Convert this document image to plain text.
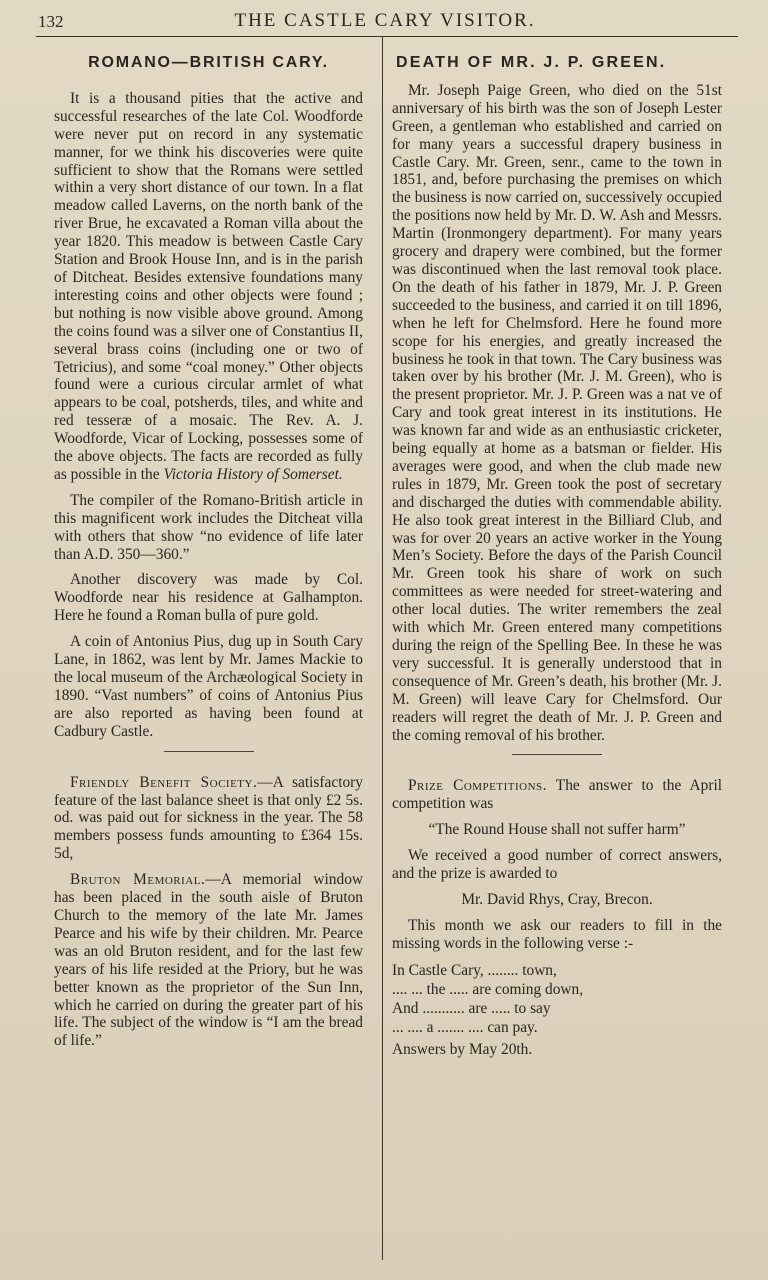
132	THE CASTLE CARY VISITOR.
ROMANO—BRITISH CARY.

It is a thousand pities that the active and successful researches of the late Col. Woodforde were never put on record in any systematic manner, for we think his discoveries were quite sufficient to show that the Romans were settled within a very short distance of our town. In a flat meadow called Laverns, on the north bank of the river Brue, he excavated a Roman villa about the year 1820. This meadow is between Castle Cary Station and Brook House Inn, and is in the parish of Ditcheat. Besides extensive foundations many interesting coins and other objects were found ; but nothing is now visible above ground. Among the coins found was a silver one of Constantius II, several brass coins (including one or two of Tetricius), and some “coal money.” Other objects found were a curious circular armlet of what appears to be coal, potsherds, tiles, and white and red tesseræ of a mosaic. The Rev. A. J. Woodforde, Vicar of Locking, possesses some of the above objects. The facts are recorded as fully as possible in the Victoria History of Somerset.

The compiler of the Romano-British article in this magnificent work includes the Ditcheat villa with others that show “no evidence of life later than A.D. 350—360.”

Another discovery was made by Col. Woodforde near his residence at Galhampton. Here he found a Roman bulla of pure gold.

A coin of Antonius Pius, dug up in South Cary Lane, in 1862, was lent by Mr. James Mackie to the local museum of the Archæological Society in 1890. “Vast numbers” of coins of Antonius Pius are also reported as having been found at Cadbury Castle.

Friendly Benefit Society.—A satisfactory feature of the last balance sheet is that only £2 5s. od. was paid out for sickness in the year. The 58 members possess funds amounting to £364 15s. 5d,

Bruton Memorial.—A memorial window has been placed in the south aisle of Bruton Church to the memory of the late Mr. James Pearce and his wife by their children. Mr. Pearce was an old Bruton resident, and for the last few years of his life resided at the Priory, but he was better known as the proprietor of the Sun Inn, which he carried on during the greater part of his life. The subject of the window is “I am the bread of life.”

DEATH OF MR. J. P. GREEN.

Mr. Joseph Paige Green, who died on the 51st anniversary of his birth was the son of Joseph Lester Green, a gentleman who established and carried on for many years a successful drapery business in Castle Cary. Mr. Green, senr., came to the town in 1851, and, before purchasing the premises on which the business is now carried on, successively occupied the positions now held by Mr. D. W. Ash and Messrs. Martin (Ironmongery department). For many years grocery and drapery were combined, but the former was discontinued when the last removal took place. On the death of his father in 1879, Mr. J. P. Green succeeded to the business, and carried it on till 1896, when he left for Chelmsford. Here he found more scope for his energies, and greatly increased the business he took in that town. The Cary business was taken over by his brother (Mr. J. M. Green), who is the present proprietor. Mr. J. P. Green was a nat ve of Cary and took great interest in its institutions. He was known far and wide as an enthusiastic cricketer, being equally at home as a batsman or fielder. His averages were good, and when the club made new rules in 1879, Mr. Green took the post of secretary and discharged the duties with commendable ability. He also took great interest in the Billiard Club, and was for over 20 years an active worker in the Young Men’s Society. Before the days of the Parish Council Mr. Green took his share of work on such committees as were needed for street-watering and other local duties. The writer remembers the zeal with which Mr. Green entered many competitions during the reign of the Spelling Bee. In these he was very successful. It is generally understood that in consequence of Mr. Green’s death, his brother (Mr. J. M. Green) will leave Cary for Chelmsford. Our readers will regret the death of Mr. J. P. Green and the coming removal of his brother.

Prize Competitions. The answer to the April competition was

“The Round House shall not suffer harm”

We received a good number of correct answers, and the prize is awarded to

Mr. David Rhys, Cray, Brecon.

This month we ask our readers to fill in the missing words in the following verse :-

In Castle Cary, ........ town,
.... ... the ..... are coming down,
And ........... are ..... to say
... .... a ....... .... can pay.
Answers by May 20th.
